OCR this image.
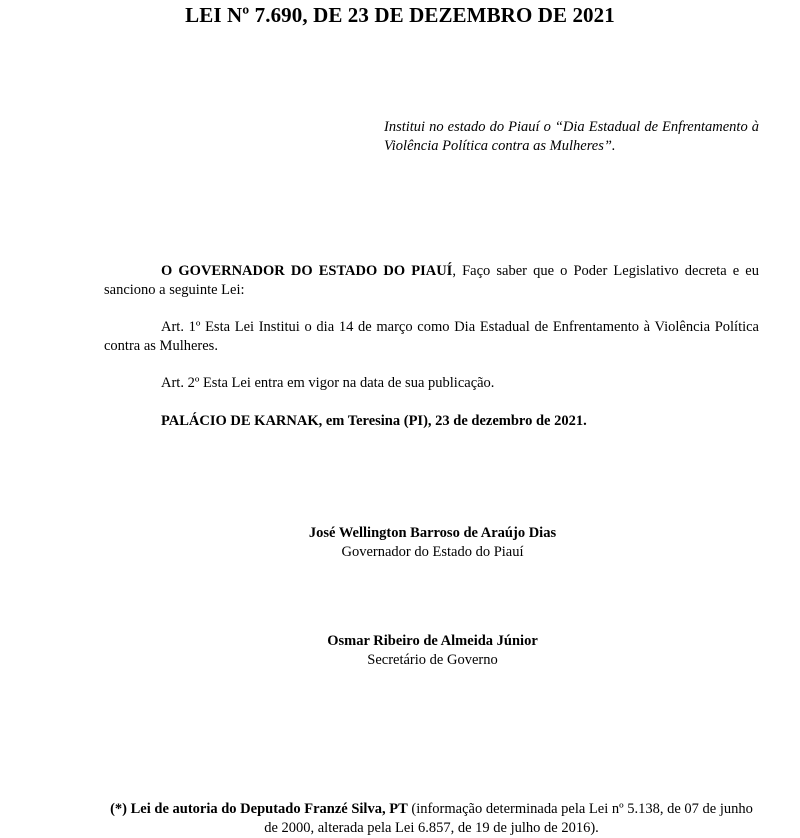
LEI Nº 7.690, DE 23 DE DEZEMBRO DE 2021
Institui no estado do Piauí o “Dia Estadual de Enfrentamento à Violência Política contra as Mulheres”.
O GOVERNADOR DO ESTADO DO PIAUÍ, Faço saber que o Poder Legislativo decreta e eu sanciono a seguinte Lei:
Art. 1º Esta Lei Institui o dia 14 de março como Dia Estadual de Enfrentamento à Violência Política contra as Mulheres.
Art. 2º Esta Lei entra em vigor na data de sua publicação.
PALÁCIO DE KARNAK, em Teresina (PI), 23 de dezembro de 2021.
José Wellington Barroso de Araújo Dias
Governador do Estado do Piauí
Osmar Ribeiro de Almeida Júnior
Secretário de Governo
(*) Lei de autoria do Deputado Franzé Silva, PT (informação determinada pela Lei nº 5.138, de 07 de junho de 2000, alterada pela Lei 6.857, de 19 de julho de 2016).
